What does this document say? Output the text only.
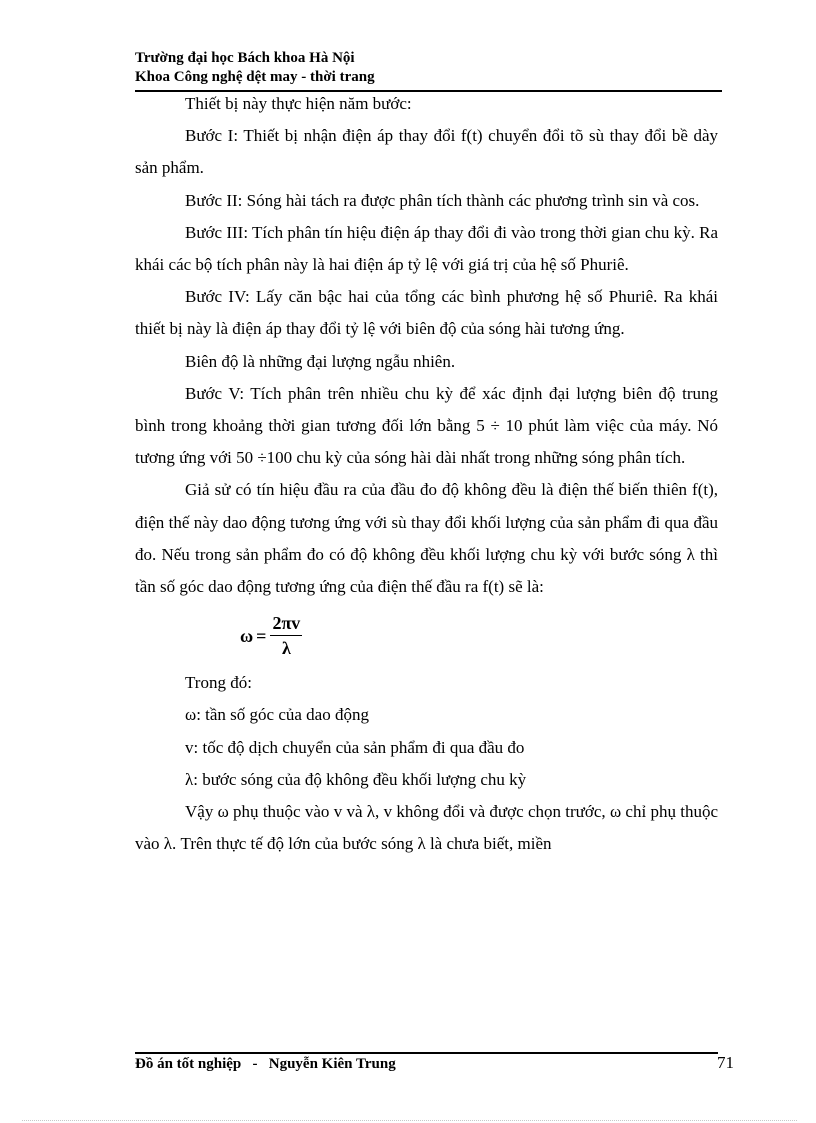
Trường đại học Bách khoa Hà Nội
Khoa Công nghệ dệt may - thời trang

Thiết bị này thực hiện năm bước:

Bước I: Thiết bị nhận điện áp thay đổi f(t) chuyển đổi tõ sù thay đổi bề dày sản phẩm.

Bước II: Sóng hài tách ra được phân tích thành các phương trình sin và cos.

Bước III: Tích phân tín hiệu điện áp thay đổi đi vào trong thời gian chu kỳ. Ra khái các bộ tích phân này là hai điện áp tỷ lệ với giá trị của hệ số Phuriê.

Bước IV: Lấy căn bậc hai của tổng các bình phương hệ số Phuriê. Ra khái thiết bị này là điện áp thay đổi tỷ lệ với biên độ của sóng hài tương ứng.

Biên độ là những đại lượng ngẫu nhiên.

Bước V: Tích phân trên nhiều chu kỳ để xác định đại lượng biên độ trung bình trong khoảng thời gian tương đối lớn bằng 5 ÷ 10 phút làm việc của máy. Nó tương ứng với 50 ÷100 chu kỳ của sóng hài dài nhất trong những sóng phân tích.

Giả sử có tín hiệu đầu ra của đầu đo độ không đều là điện thế biến thiên f(t), điện thế này dao động tương ứng với sù thay đổi khối lượng của sản phẩm đi qua đầu đo. Nếu trong sản phẩm đo có độ không đều khối lượng chu kỳ với bước sóng λ thì tần số góc dao động tương ứng của điện thế đầu ra f(t) sẽ là:

$\omega = \frac{2\pi v}{\lambda}$

Trong đó:

ω: tần số góc của dao động

v: tốc độ dịch chuyển của sản phẩm đi qua đầu đo

λ: bước sóng của độ không đều khối lượng chu kỳ

Vậy ω phụ thuộc vào v và λ, v không đổi và được chọn trước, ω chỉ phụ thuộc vào λ. Trên thực tế độ lớn của bước sóng λ là chưa biết, miền

Đồ án tốt nghiệp   -   Nguyễn Kiên Trung	71
